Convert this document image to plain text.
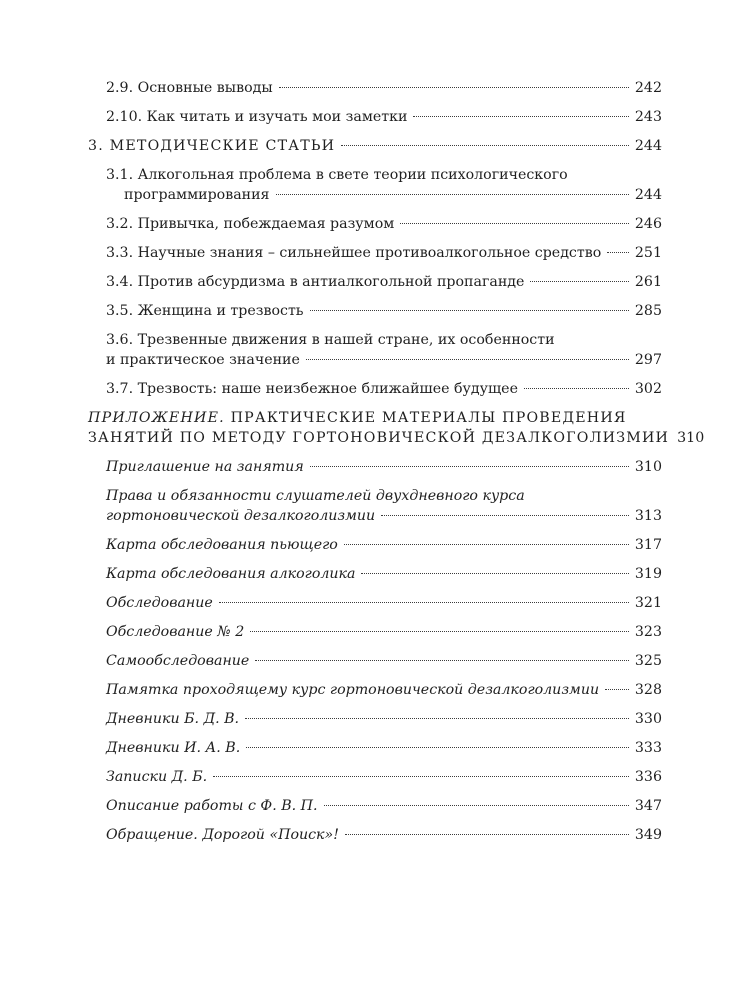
2.9. Основные выводы	242
2.10. Как читать и изучать мои заметки	243
3. МЕТОДИЧЕСКИЕ СТАТЬИ	244
3.1. Алкогольная проблема в свете теории психологического
программирования	244
3.2. Привычка, побеждаемая разумом	246
3.3. Научные знания – сильнейшее противоалкогольное средство 251
3.4. Против абсурдизма в антиалкогольной пропаганде	261
3.5. Женщина и трезвость	285
3.6. Трезвенные движения в нашей стране, их особенности
и практическое значение	297
3.7. Трезвость: наше неизбежное ближайшее будущее	302
ПРИЛОЖЕНИЕ. ПРАКТИЧЕСКИЕ МАТЕРИАЛЫ ПРОВЕДЕНИЯ
ЗАНЯТИЙ ПО МЕТОДУ ГОРТОНОВИЧЕСКОЙ ДЕЗАЛКОГОЛИЗМИИ 310
Приглашение на занятия	310
Права и обязанности слушателей двухдневного курса
гортоновической дезалкоголизмии	313
Карта обследования пьющего	317
Карта обследования алкоголика	319
Обследование	321
Обследование № 2	323
Самообследование	325
Памятка проходящему курс гортоновической дезалкоголизмии	328
Дневники Б. Д. В.	330
Дневники И. А. В.	333
Записки Д. Б.	336
Описание работы с Ф. В. П.	347
Обращение. Дорогой «Поиск»!	349
